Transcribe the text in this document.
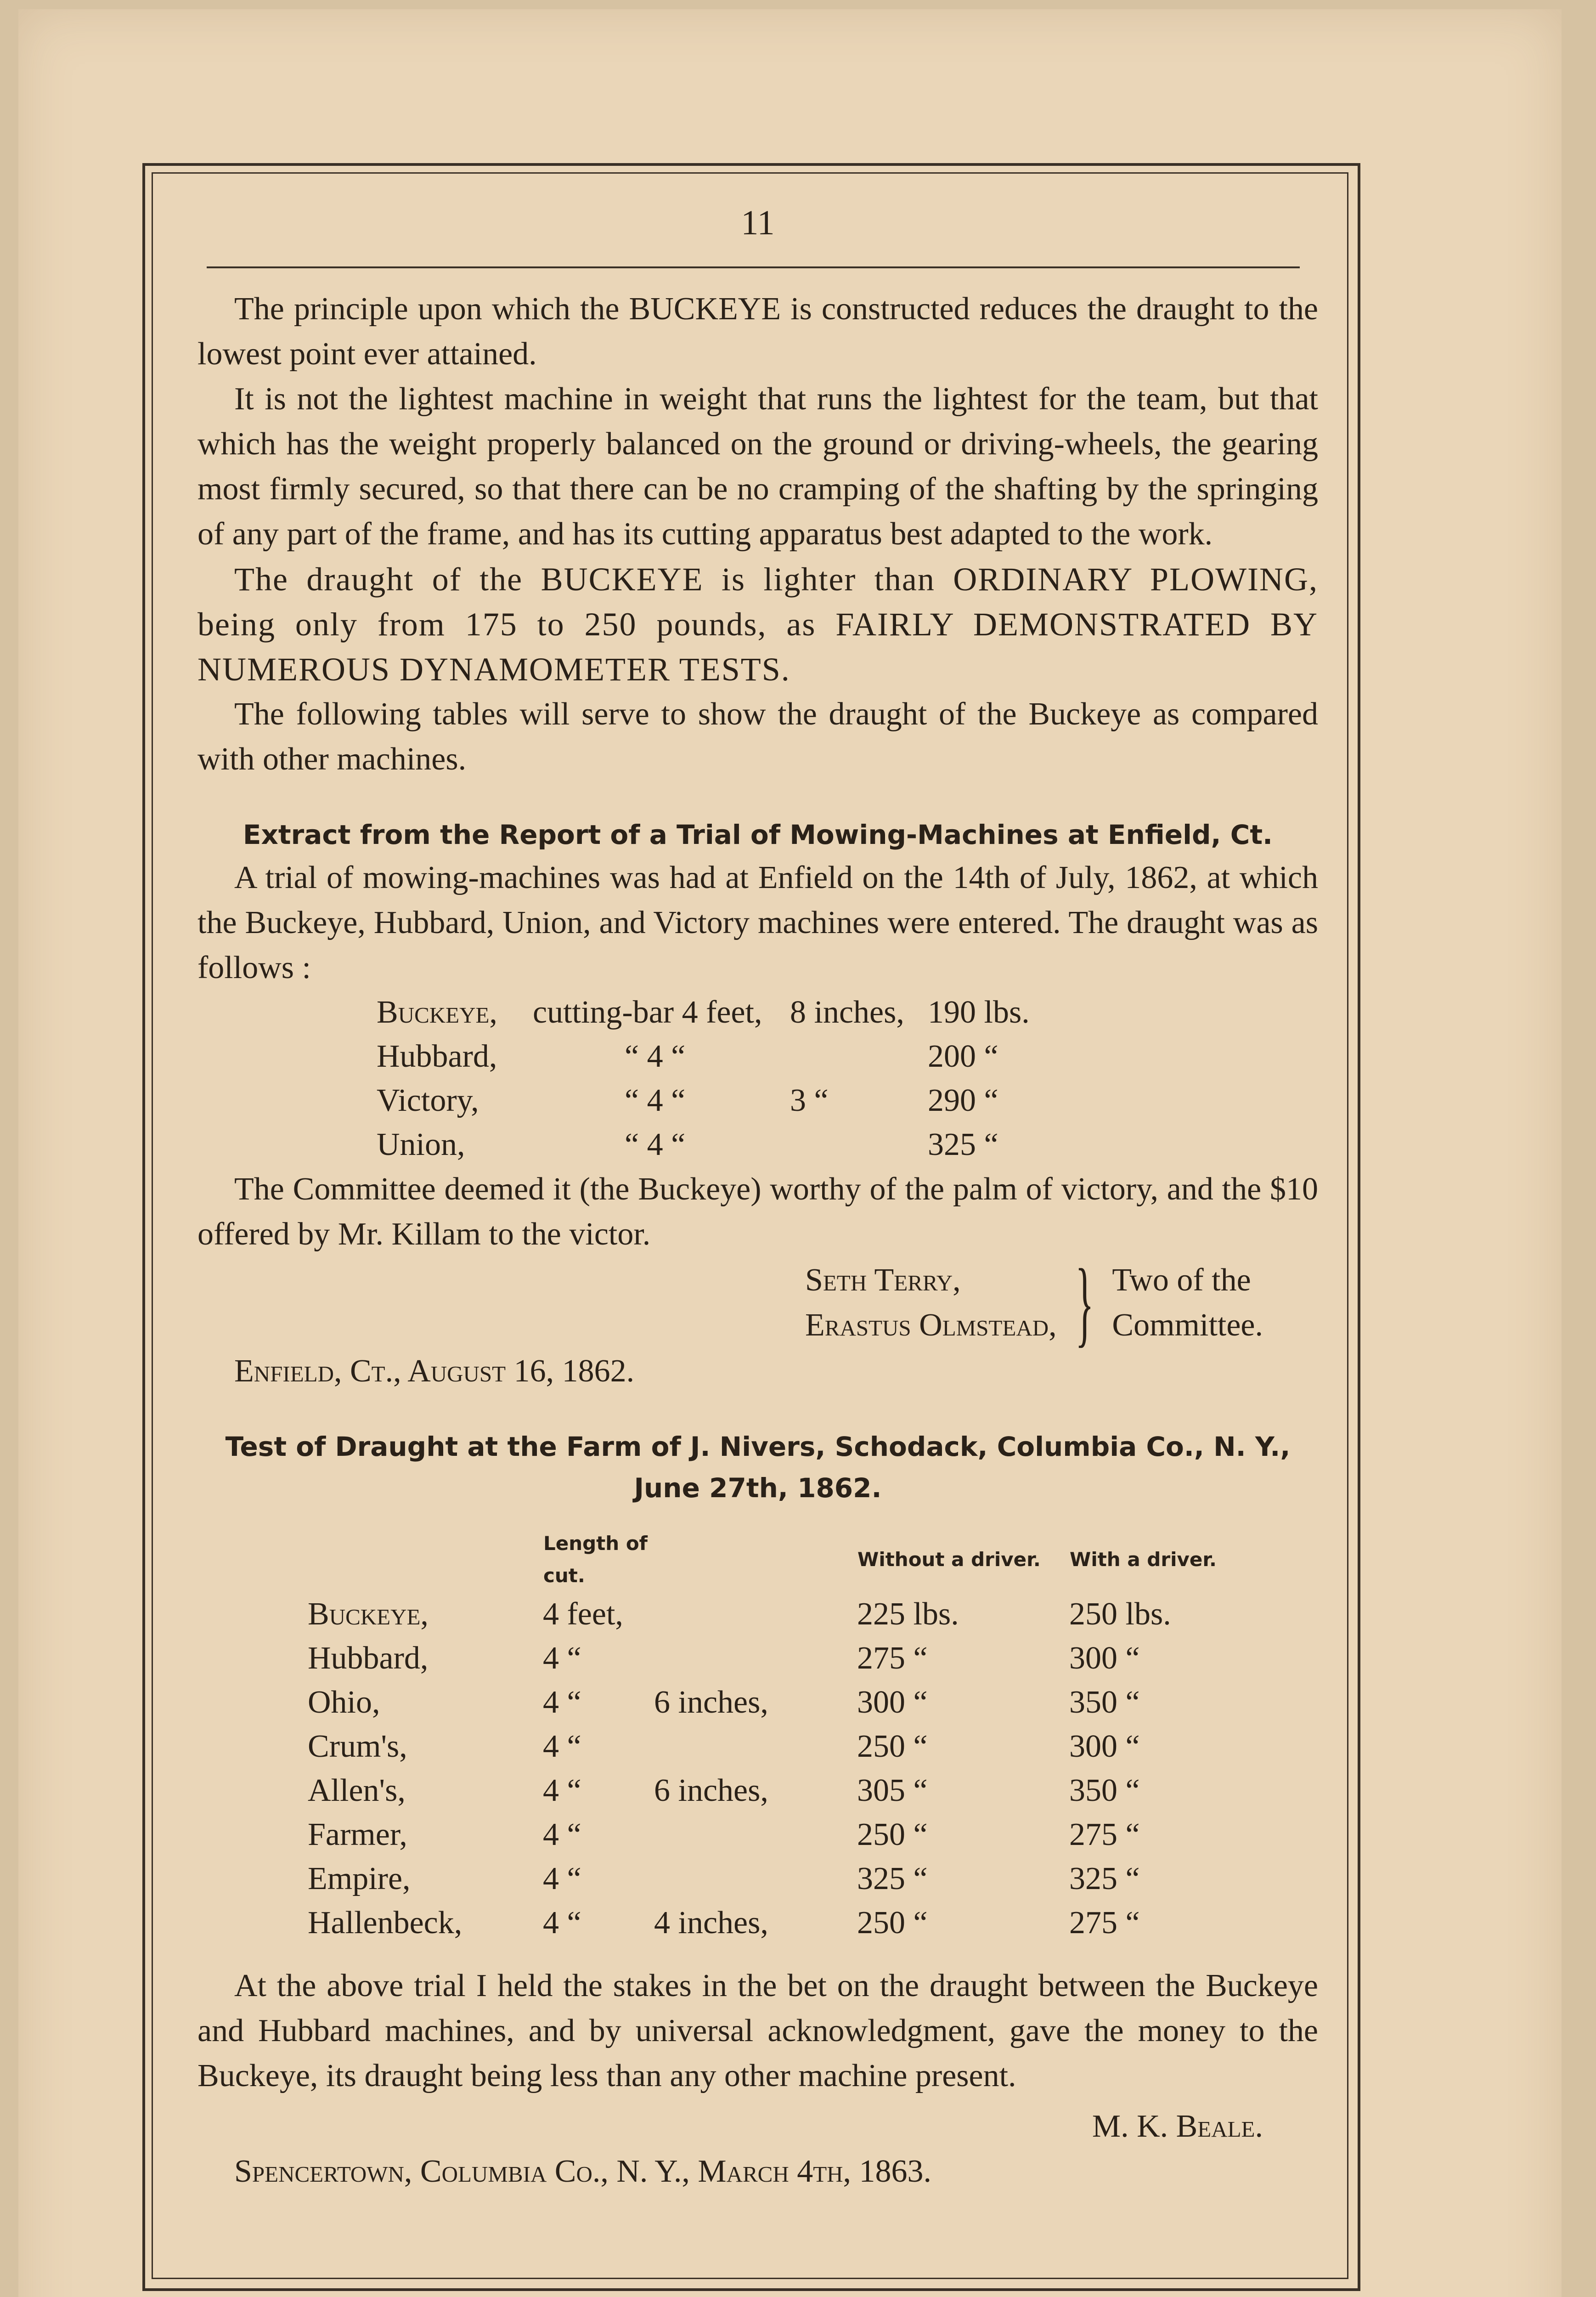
11

The principle upon which the BUCKEYE is constructed reduces the draught to the lowest point ever attained.

It is not the lightest machine in weight that runs the lightest for the team, but that which has the weight properly balanced on the ground or driving-wheels, the gearing most firmly secured, so that there can be no cramping of the shafting by the springing of any part of the frame, and has its cutting apparatus best adapted to the work.

The draught of the BUCKEYE is lighter than ORDINARY PLOWING, being only from 175 to 250 pounds, as FAIRLY DEMONSTRATED BY NUMEROUS DYNAMOMETER TESTS.

The following tables will serve to show the draught of the Buckeye as compared with other machines.

Extract from the Report of a Trial of Mowing-Machines at Enfield, Ct.

A trial of mowing-machines was had at Enfield on the 14th of July, 1862, at which the Buckeye, Hubbard, Union, and Victory machines were entered. The draught was as follows :

Buckeye,	cutting-bar 4 feet,	8 inches,	190 lbs.
Hubbard,	“ 4 “		200 “
Victory,	“ 4 “	3 “	290 “
Union,	“ 4 “		325 “

The Committee deemed it (the Buckeye) worthy of the palm of victory, and the $10 offered by Mr. Killam to the victor.

Seth Terry,
Erastus Olmstead, } Two of the
Committee.

Enfield, Ct., August 16, 1862.

Test of Draught at the Farm of J. Nivers, Schodack, Columbia Co., N. Y.,
June 27th, 1862.
	Length of cut.		Without a driver.	With a driver.
Buckeye,	4 feet,		225 lbs.	250 lbs.
Hubbard,	4 “		275 “	300 “
Ohio,	4 “	6 inches,	300 “	350 “
Crum's,	4 “		250 “	300 “
Allen's,	4 “	6 inches,	305 “	350 “
Farmer,	4 “		250 “	275 “
Empire,	4 “		325 “	325 “
Hallenbeck,	4 “	4 inches,	250 “	275 “

At the above trial I held the stakes in the bet on the draught between the Buckeye and Hubbard machines, and by universal acknowledgment, gave the money to the Buckeye, its draught being less than any other machine present.

M. K. Beale.

Spencertown, Columbia Co., N. Y., March 4th, 1863.
